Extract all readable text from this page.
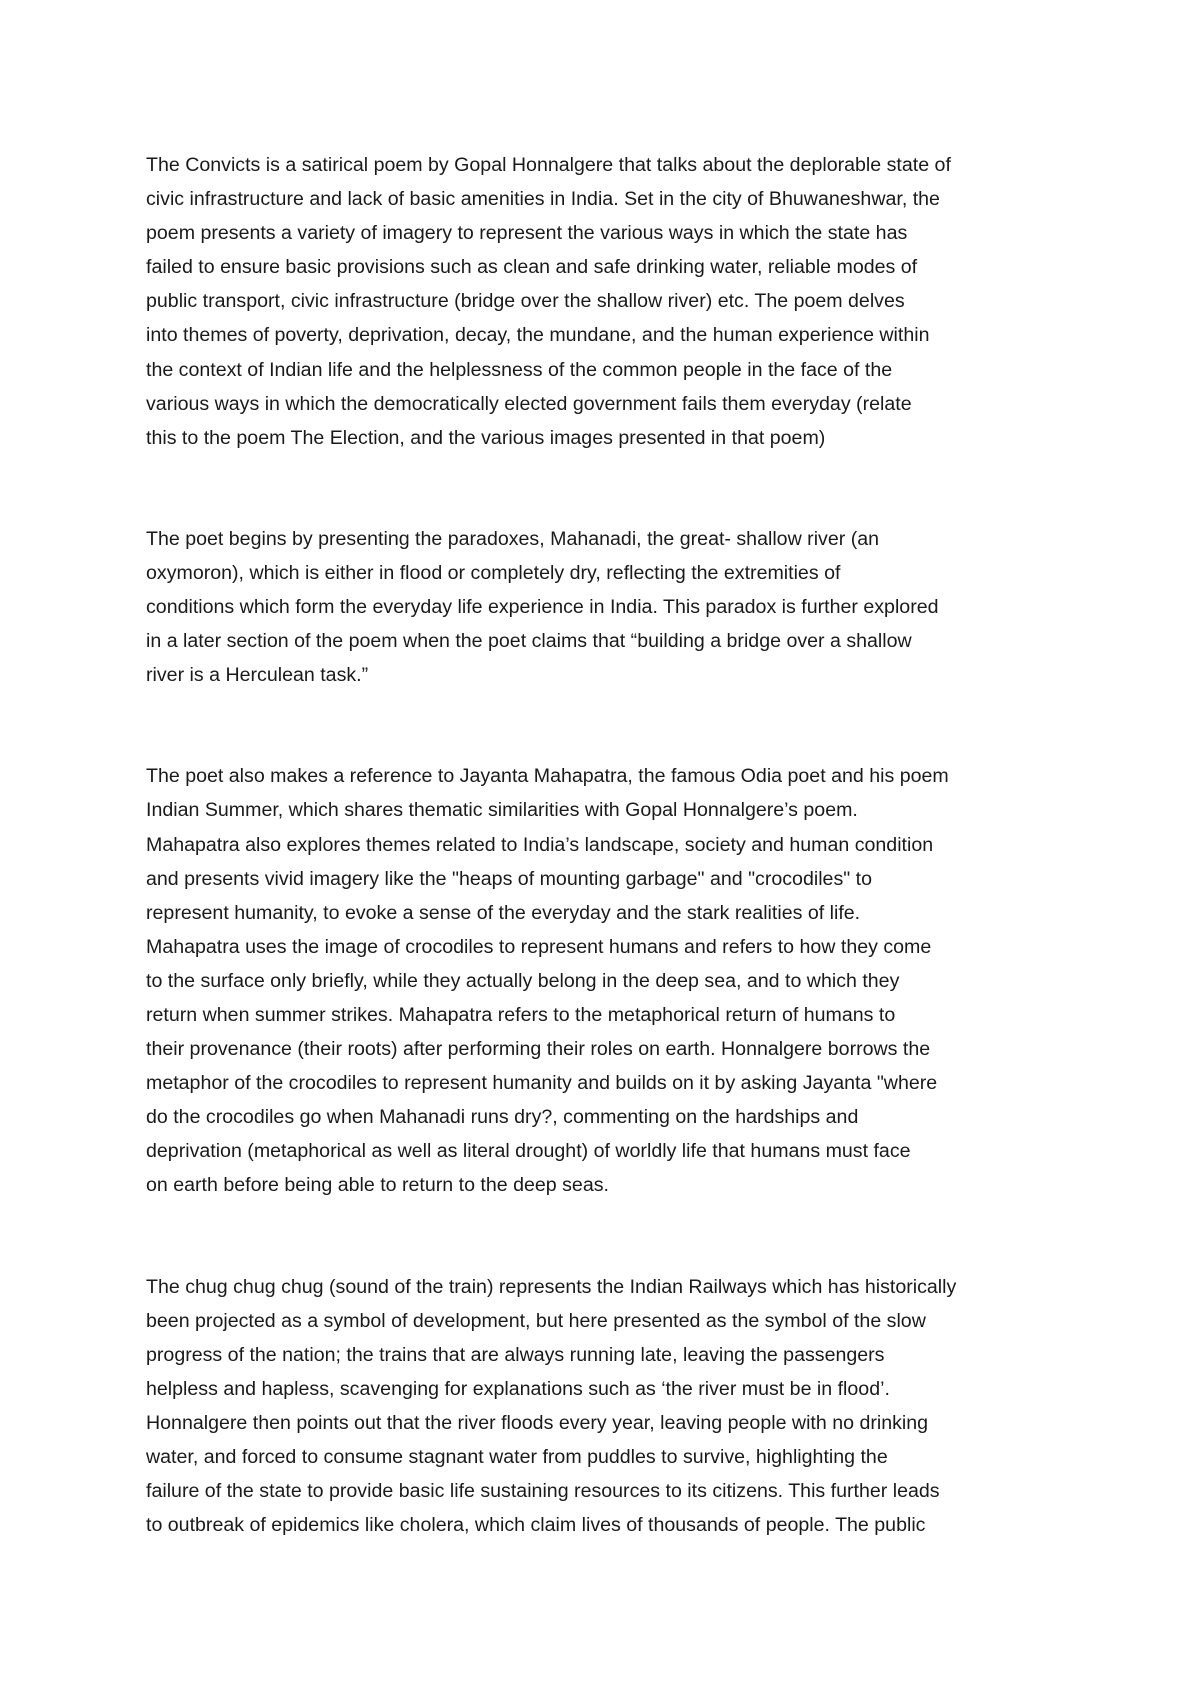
The Convicts is a satirical poem by Gopal Honnalgere that talks about the deplorable state of
civic infrastructure and lack of basic amenities in India. Set in the city of Bhuwaneshwar, the
poem presents a variety of imagery to represent the various ways in which the state has
failed to ensure basic provisions such as clean and safe drinking water, reliable modes of
public transport, civic infrastructure (bridge over the shallow river) etc. The poem delves
into themes of poverty, deprivation, decay, the mundane, and the human experience within
the context of Indian life and the helplessness of the common people in the face of the
various ways in which the democratically elected government fails them everyday (relate
this to the poem The Election, and the various images presented in that poem)

The poet begins by presenting the paradoxes, Mahanadi, the great- shallow river (an
oxymoron), which is either in flood or completely dry, reflecting the extremities of
conditions which form the everyday life experience in India. This paradox is further explored
in a later section of the poem when the poet claims that “building a bridge over a shallow
river is a Herculean task.”

The poet also makes a reference to Jayanta Mahapatra, the famous Odia poet and his poem
Indian Summer, which shares thematic similarities with Gopal Honnalgere’s poem.
Mahapatra also explores themes related to India’s landscape, society and human condition
and presents vivid imagery like the "heaps of mounting garbage" and "crocodiles" to
represent humanity, to evoke a sense of the everyday and the stark realities of life.
Mahapatra uses the image of crocodiles to represent humans and refers to how they come
to the surface only briefly, while they actually belong in the deep sea, and to which they
return when summer strikes. Mahapatra refers to the metaphorical return of humans to
their provenance (their roots) after performing their roles on earth. Honnalgere borrows the
metaphor of the crocodiles to represent humanity and builds on it by asking Jayanta "where
do the crocodiles go when Mahanadi runs dry?, commenting on the hardships and
deprivation (metaphorical as well as literal drought) of worldly life that humans must face
on earth before being able to return to the deep seas.

The chug chug chug (sound of the train) represents the Indian Railways which has historically
been projected as a symbol of development, but here presented as the symbol of the slow
progress of the nation; the trains that are always running late, leaving the passengers
helpless and hapless, scavenging for explanations such as ‘the river must be in flood’.
Honnalgere then points out that the river floods every year, leaving people with no drinking
water, and forced to consume stagnant water from puddles to survive, highlighting the
failure of the state to provide basic life sustaining resources to its citizens. This further leads
to outbreak of epidemics like cholera, which claim lives of thousands of people. The public
